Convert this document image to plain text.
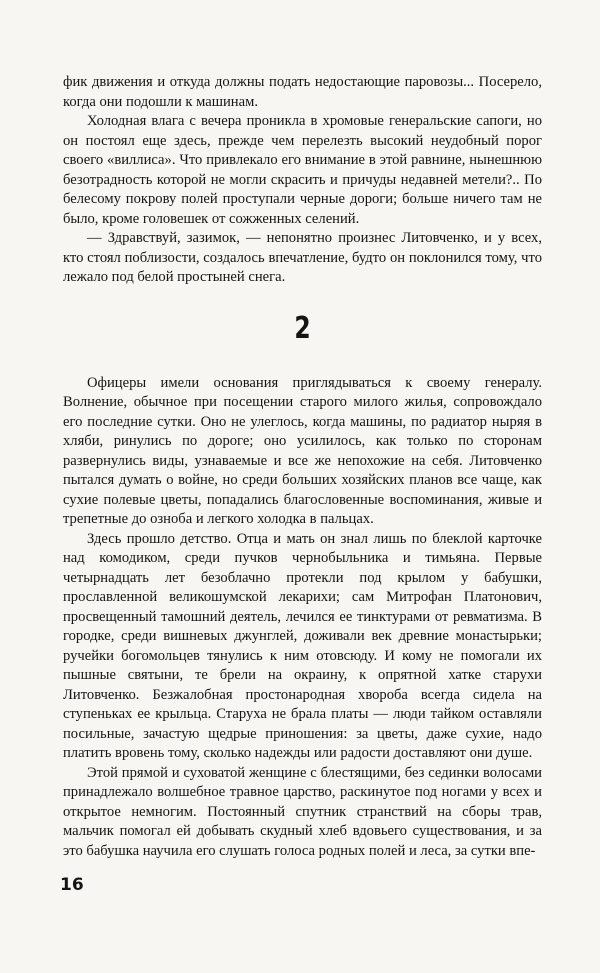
фик движения и откуда должны подать недостающие паровозы... Посерело, когда они подошли к машинам.

Холодная влага с вечера проникла в хромовые генеральские сапоги, но он постоял еще здесь, прежде чем перелезть высокий неудобный порог своего «виллиса». Что привлекало его внимание в этой равнине, нынешнюю безотрадность которой не могли скрасить и причуды недавней метели?.. По белесому покрову полей проступали черные дороги; больше ничего там не было, кроме головешек от сожженных селений.

— Здравствуй, зазимок, — непонятно произнес Литовченко, и у всех, кто стоял поблизости, создалось впечатление, будто он поклонился тому, что лежало под белой простыней снега.

2

Офицеры имели основания приглядываться к своему генералу. Волнение, обычное при посещении старого милого жилья, сопровождало его последние сутки. Оно не улеглось, когда машины, по радиатор ныряя в хляби, ринулись по дороге; оно усилилось, как только по сторонам развернулись виды, узнаваемые и все же непохожие на себя. Литовченко пытался думать о войне, но среди больших хозяйских планов все чаще, как сухие полевые цветы, попадались благословенные воспоминания, живые и трепетные до озноба и легкого холодка в пальцах.

Здесь прошло детство. Отца и мать он знал лишь по блеклой карточке над комодиком, среди пучков чернобыльника и тимьяна. Первые четырнадцать лет безоблачно протекли под крылом у бабушки, прославленной великошумской лекарихи; сам Митрофан Платонович, просвещенный тамошний деятель, лечился ее тинктурами от ревматизма. В городке, среди вишневых джунглей, доживали век древние монастырьки; ручейки богомольцев тянулись к ним отовсюду. И кому не помогали их пышные святыни, те брели на окраину, к опрятной хатке старухи Литовченко. Безжалобная простонародная хворобa всегда сидела на ступеньках ее крыльца. Старуха не брала платы — люди тайком оставляли посильные, зачастую щедрые приношения: за цветы, даже сухие, надо платить вровень тому, сколько надежды или радости доставляют они душе.

Этой прямой и суховатой женщине с блестящими, без сединки волосами принадлежало волшебное травное царство, раскинутое под ногами у всех и открытое немногим. Постоянный спутник странствий на сборы трав, мальчик помогал ей добывать скудный хлеб вдовьего существования, и за это бабушка научила его слушать голоса родных полей и леса, за сутки впе-

16
